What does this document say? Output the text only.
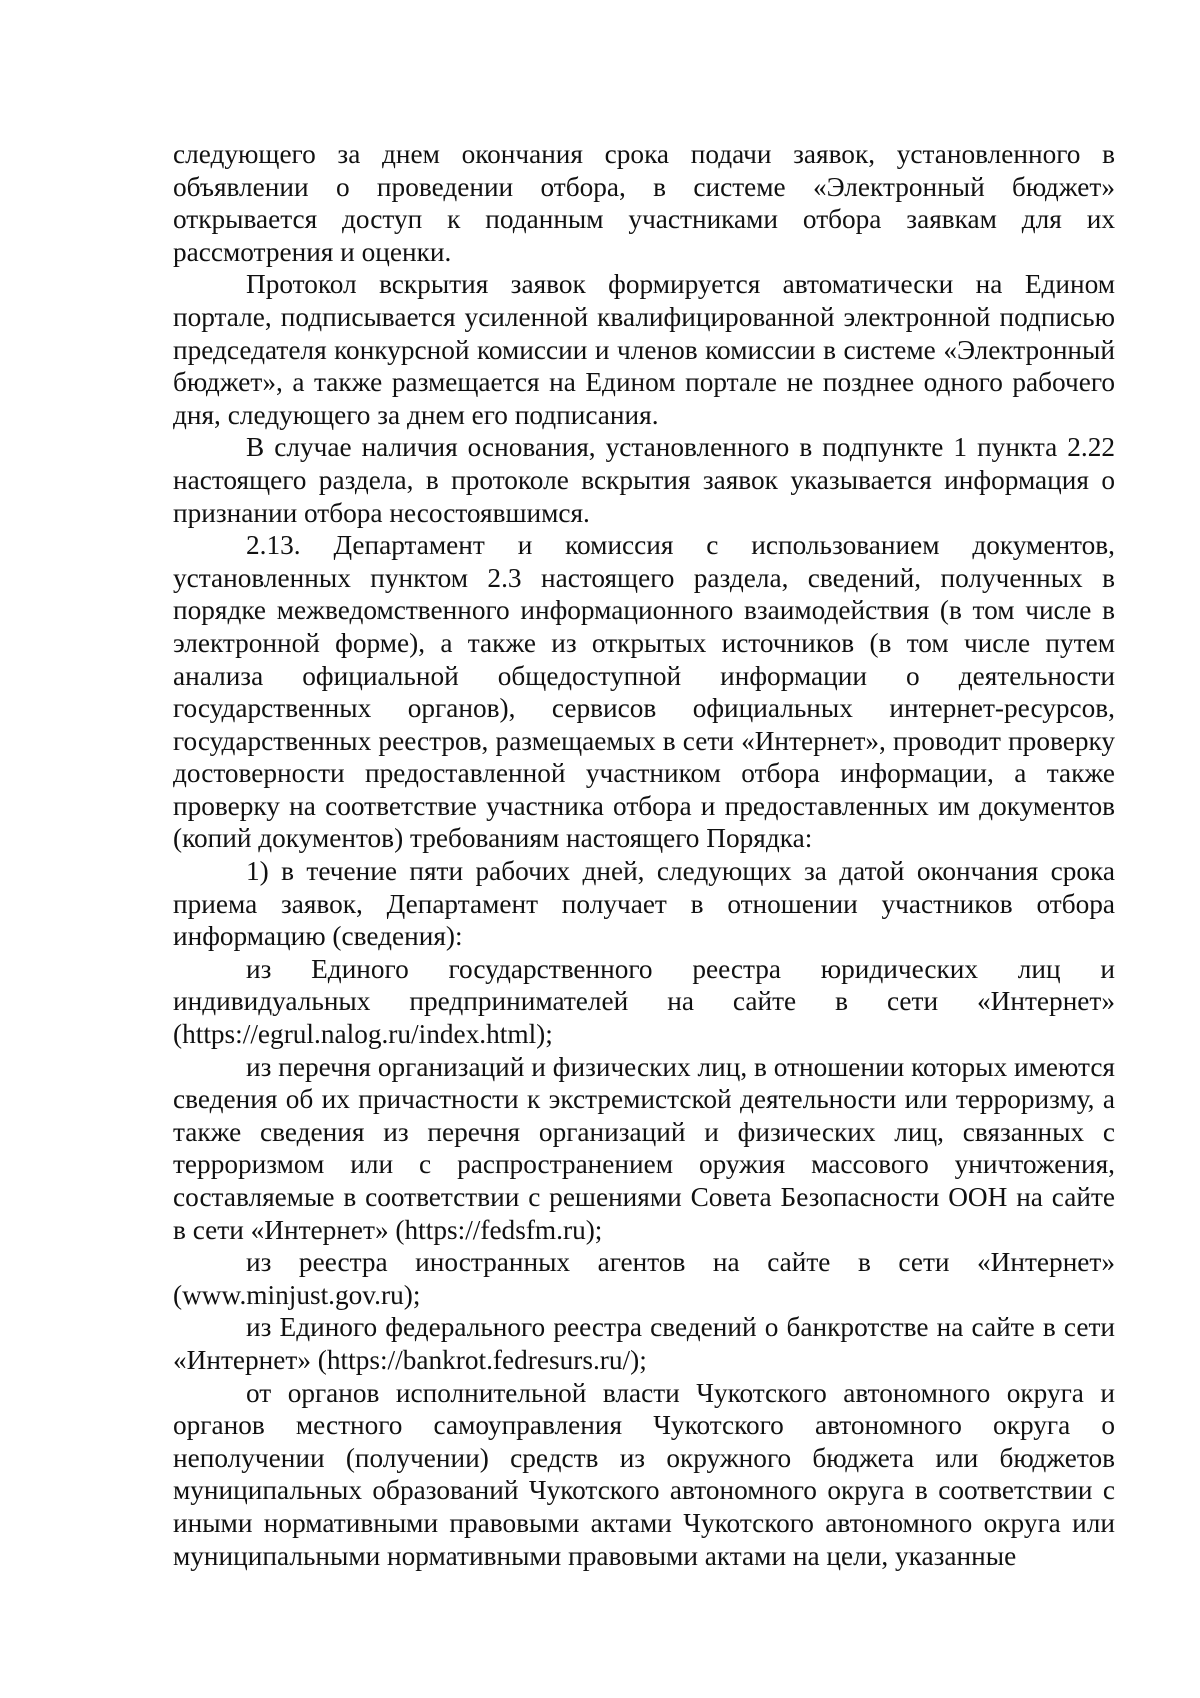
следующего за днем окончания срока подачи заявок, установленного в объявлении о проведении отбора, в системе «Электронный бюджет» открывается доступ к поданным участниками отбора заявкам для их рассмотрения и оценки.

Протокол вскрытия заявок формируется автоматически на Едином портале, подписывается усиленной квалифицированной электронной подписью председателя конкурсной комиссии и членов комиссии в системе «Электронный бюджет», а также размещается на Едином портале не позднее одного рабочего дня, следующего за днем его подписания.

В случае наличия основания, установленного в подпункте 1 пункта 2.22 настоящего раздела, в протоколе вскрытия заявок указывается информация о признании отбора несостоявшимся.

2.13. Департамент и комиссия с использованием документов, установленных пунктом 2.3 настоящего раздела, сведений, полученных в порядке межведомственного информационного взаимодействия (в том числе в электронной форме), а также из открытых источников (в том числе путем анализа официальной общедоступной информации о деятельности государственных органов), сервисов официальных интернет-ресурсов, государственных реестров, размещаемых в сети «Интернет», проводит проверку достоверности предоставленной участником отбора информации, а также проверку на соответствие участника отбора и предоставленных им документов (копий документов) требованиям настоящего Порядка:

1) в течение пяти рабочих дней, следующих за датой окончания срока приема заявок, Департамент получает в отношении участников отбора информацию (сведения):

из Единого государственного реестра юридических лиц и индивидуальных предпринимателей на сайте в сети «Интернет» (https://egrul.nalog.ru/index.html);

из перечня организаций и физических лиц, в отношении которых имеются сведения об их причастности к экстремистской деятельности или терроризму, а также сведения из перечня организаций и физических лиц, связанных с терроризмом или с распространением оружия массового уничтожения, составляемые в соответствии с решениями Совета Безопасности ООН на сайте в сети «Интернет» (https://fedsfm.ru);

из реестра иностранных агентов на сайте в сети «Интернет» (www.minjust.gov.ru);

из Единого федерального реестра сведений о банкротстве на сайте в сети «Интернет» (https://bankrot.fedresurs.ru/);

от органов исполнительной власти Чукотского автономного округа и органов местного самоуправления Чукотского автономного округа о неполучении (получении) средств из окружного бюджета или бюджетов муниципальных образований Чукотского автономного округа в соответствии с иными нормативными правовыми актами Чукотского автономного округа или муниципальными нормативными правовыми актами на цели, указанные
